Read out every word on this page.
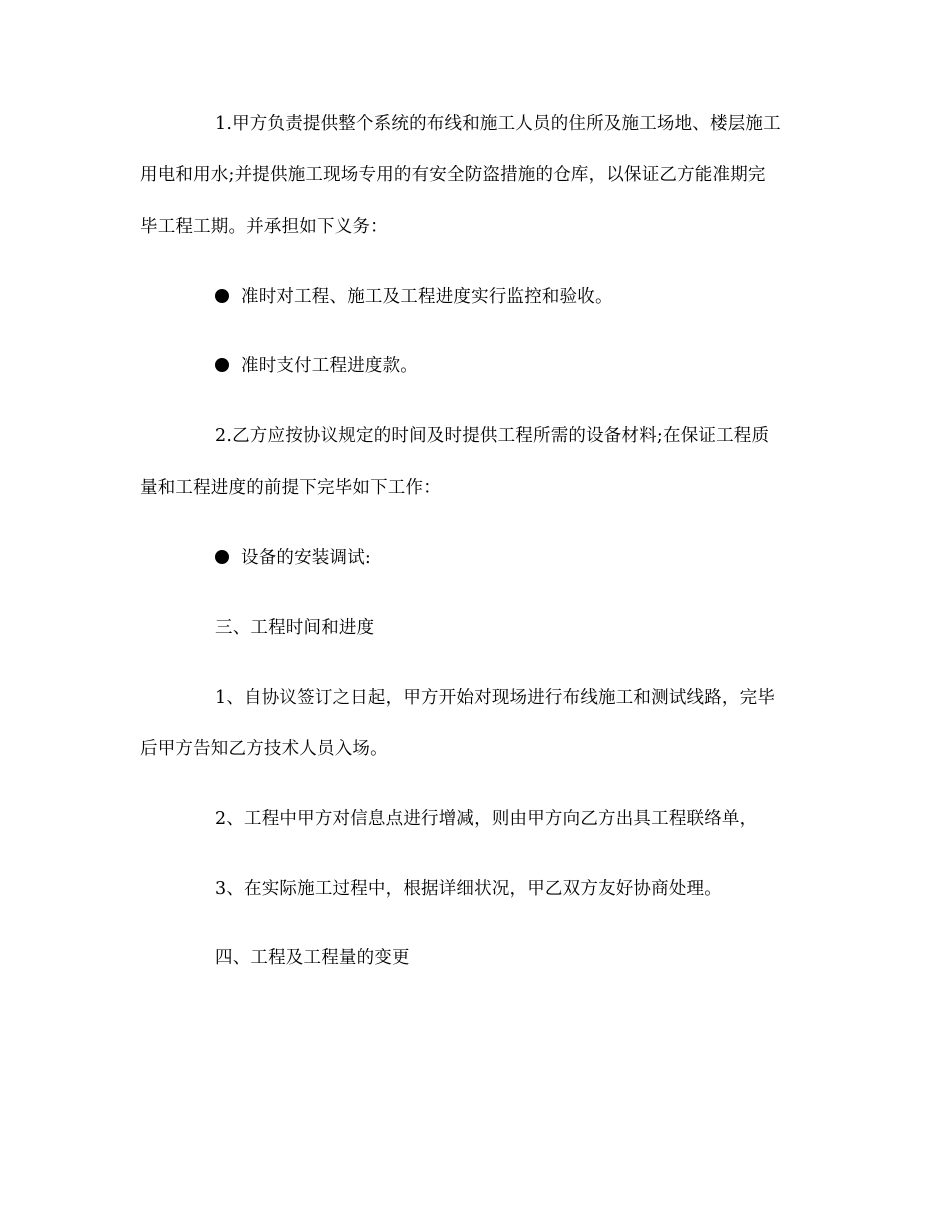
1.甲方负责提供整个系统的布线和施工人员的住所及施工场地、楼层施工
用电和用水;并提供施工现场专用的有安全防盗措施的仓库，以保证乙方能准期完
毕工程工期。并承担如下义务：
准时对工程、施工及工程进度实行监控和验收。
准时支付工程进度款。
2.乙方应按协议规定的时间及时提供工程所需的设备材料;在保证工程质
量和工程进度的前提下完毕如下工作：
设备的安装调试:
三、工程时间和进度
1、自协议签订之日起，甲方开始对现场进行布线施工和测试线路，完毕
后甲方告知乙方技术人员入场。
2、工程中甲方对信息点进行增减，则由甲方向乙方出具工程联络单，
3、在实际施工过程中，根据详细状况，甲乙双方友好协商处理。
四、工程及工程量的变更
